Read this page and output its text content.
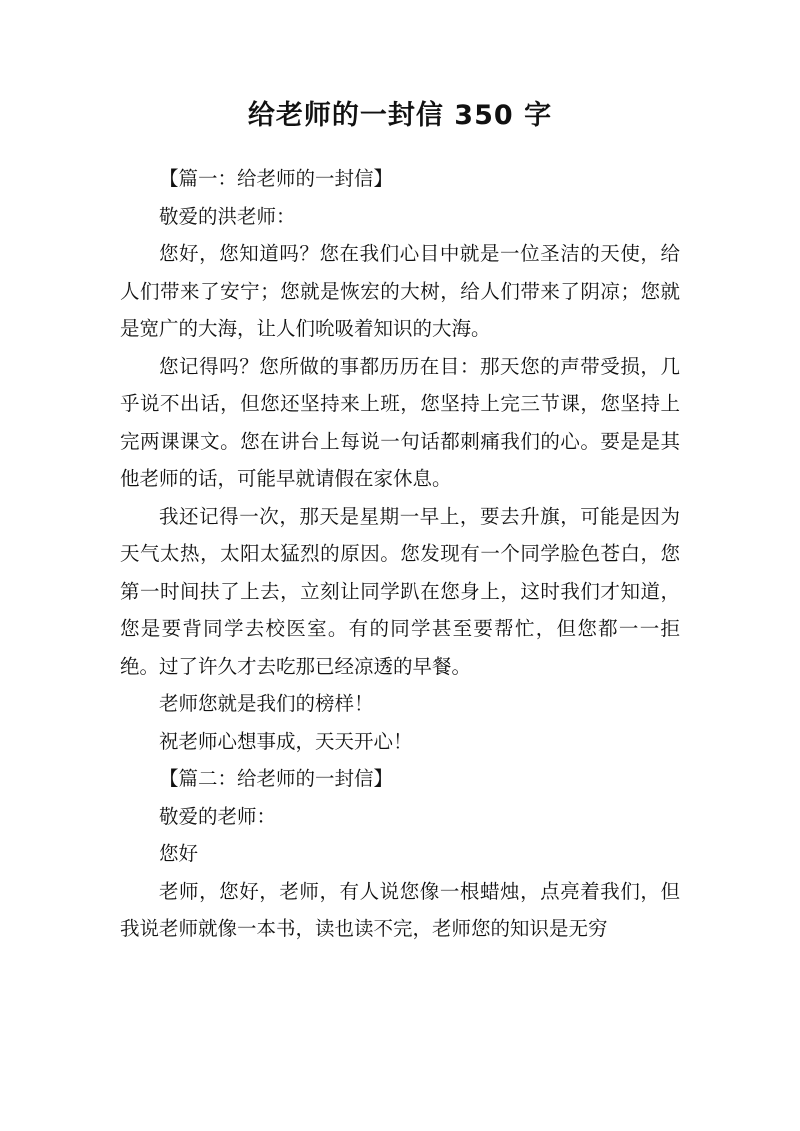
给老师的一封信 350 字

【篇一：给老师的一封信】

敬爱的洪老师：

您好，您知道吗？您在我们心目中就是一位圣洁的天使，给人们带来了安宁；您就是恢宏的大树，给人们带来了阴凉；您就是宽广的大海，让人们吮吸着知识的大海。

您记得吗？您所做的事都历历在目：那天您的声带受损，几乎说不出话，但您还坚持来上班，您坚持上完三节课，您坚持上完两课课文。您在讲台上每说一句话都刺痛我们的心。要是是其他老师的话，可能早就请假在家休息。

我还记得一次，那天是星期一早上，要去升旗，可能是因为天气太热，太阳太猛烈的原因。您发现有一个同学脸色苍白，您第一时间扶了上去，立刻让同学趴在您身上，这时我们才知道，您是要背同学去校医室。有的同学甚至要帮忙，但您都一一拒绝。过了许久才去吃那已经凉透的早餐。

老师您就是我们的榜样！

祝老师心想事成，天天开心！

【篇二：给老师的一封信】

敬爱的老师：

您好

老师，您好，老师，有人说您像一根蜡烛，点亮着我们，但我说老师就像一本书，读也读不完，老师您的知识是无穷
